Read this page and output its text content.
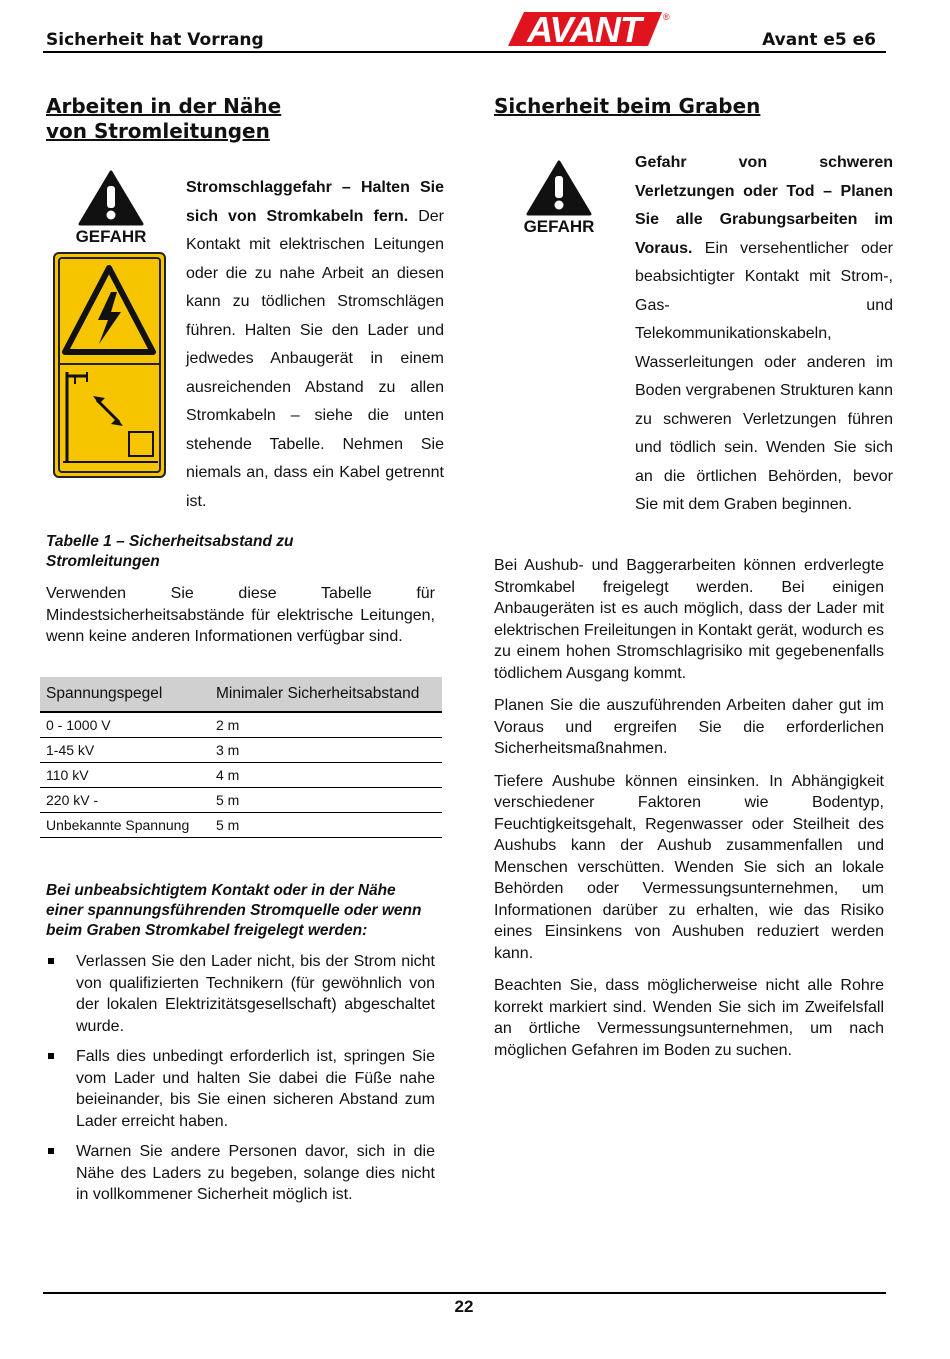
Sicherheit hat Vorrang	AVANT	®
Avant e5 e6
Arbeiten in der Nähe von Stromleitungen
GEFAHR

Stromschlaggefahr – Halten Sie sich von Stromkabeln fern. Der Kontakt mit elektrischen Leitungen oder die zu nahe Arbeit an diesen kann zu tödlichen Stromschlägen führen. Halten Sie den Lader und jedwedes Anbaugerät in einem ausreichenden Abstand zu allen Stromkabeln – siehe die unten stehende Tabelle. Nehmen Sie niemals an, dass ein Kabel getrennt ist.

Tabelle 1 – Sicherheitsabstand zu Stromleitungen

Verwenden Sie diese Tabelle für Mindestsicherheitsabstände für elektrische Leitungen, wenn keine anderen Informationen verfügbar sind.

Spannungspegel	Minimaler Sicherheitsabstand
0 - 1000 V	2 m
1-45 kV	3 m
110 kV	4 m
220 kV -	5 m
Unbekannte Spannung	5 m

Bei unbeabsichtigtem Kontakt oder in der Nähe einer spannungsführenden Stromquelle oder wenn beim Graben Stromkabel freigelegt werden:

Verlassen Sie den Lader nicht, bis der Strom nicht von qualifizierten Technikern (für gewöhnlich von der lokalen Elektrizitätsgesellschaft) abgeschaltet wurde.
Falls dies unbedingt erforderlich ist, springen Sie vom Lader und halten Sie dabei die Füße nahe beieinander, bis Sie einen sicheren Abstand zum Lader erreicht haben.
Warnen Sie andere Personen davor, sich in die Nähe des Laders zu begeben, solange dies nicht in vollkommener Sicherheit möglich ist.
Sicherheit beim Graben
GEFAHR

Gefahr von schweren Verletzungen oder Tod – Planen Sie alle Grabungsarbeiten im Voraus. Ein versehentlicher oder beabsichtigter Kontakt mit Strom-, Gas- und Telekommunikationskabeln, Wasserleitungen oder anderen im Boden vergrabenen Strukturen kann zu schweren Verletzungen führen und tödlich sein. Wenden Sie sich an die örtlichen Behörden, bevor Sie mit dem Graben beginnen.

Bei Aushub- und Baggerarbeiten können erdverlegte Stromkabel freigelegt werden. Bei einigen Anbaugeräten ist es auch möglich, dass der Lader mit elektrischen Freileitungen in Kontakt gerät, wodurch es zu einem hohen Stromschlagrisiko mit gegebenenfalls tödlichem Ausgang kommt.

Planen Sie die auszuführenden Arbeiten daher gut im Voraus und ergreifen Sie die erforderlichen Sicherheitsmaßnahmen.

Tiefere Aushube können einsinken. In Abhängigkeit verschiedener Faktoren wie Bodentyp, Feuchtigkeitsgehalt, Regenwasser oder Steilheit des Aushubs kann der Aushub zusammenfallen und Menschen verschütten. Wenden Sie sich an lokale Behörden oder Vermessungsunternehmen, um Informationen darüber zu erhalten, wie das Risiko eines Einsinkens von Aushuben reduziert werden kann.

Beachten Sie, dass möglicherweise nicht alle Rohre korrekt markiert sind. Wenden Sie sich im Zweifelsfall an örtliche Vermessungsunternehmen, um nach möglichen Gefahren im Boden zu suchen.

22
